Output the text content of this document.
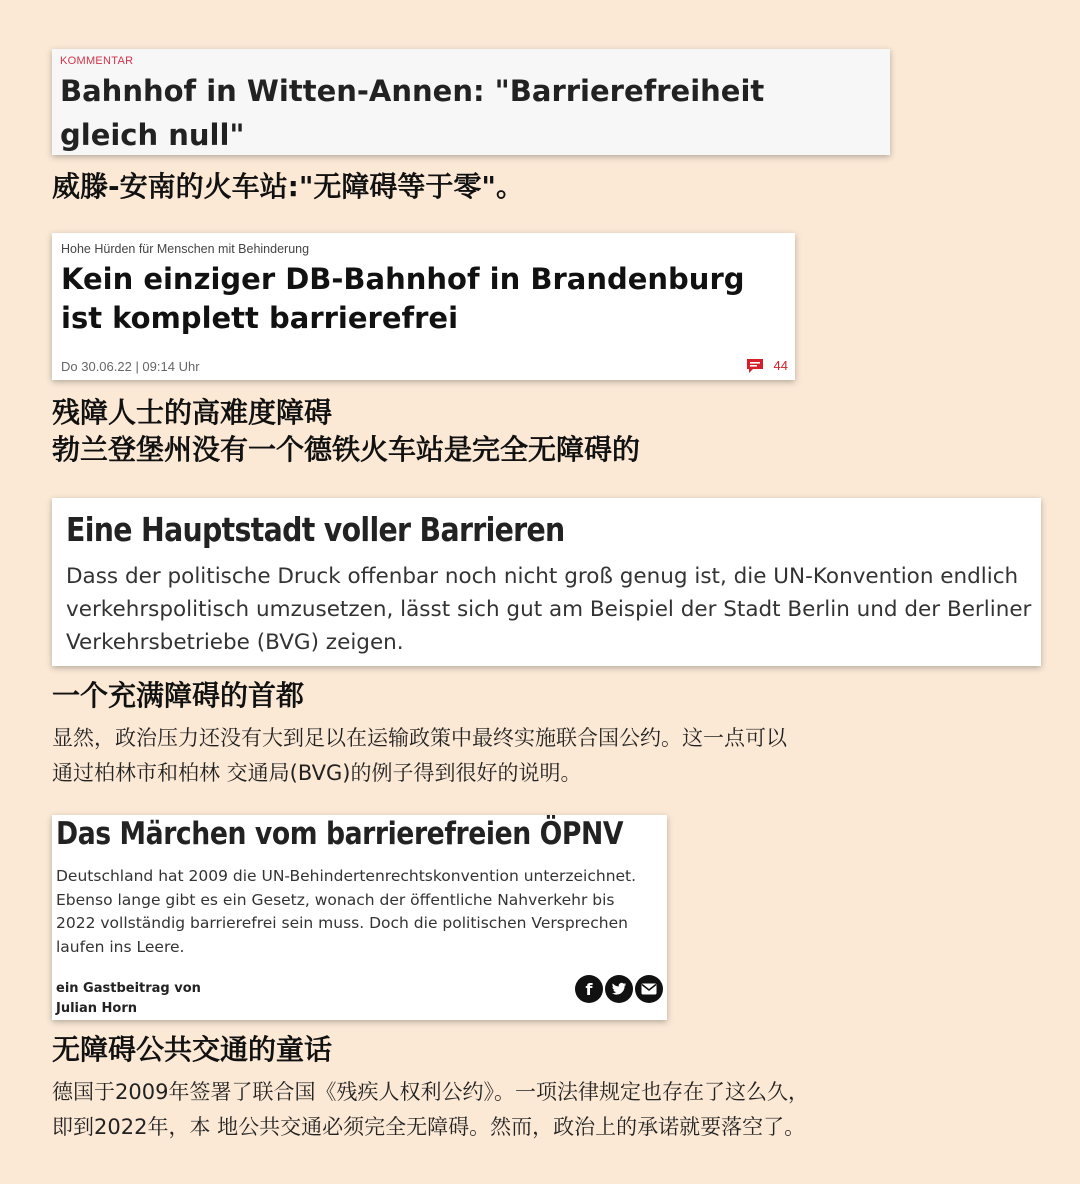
KOMMENTAR
Bahnhof in Witten-Annen: "Barrierefreiheit gleich null"

威滕-安南的火车站:"无障碍等于零"。

Hohe Hürden für Menschen mit Behinderung
Kein einziger DB-Bahnhof in Brandenburg ist komplett barrierefrei
Do 30.06.22 | 09:14 Uhr	44

残障人士的高难度障碍

勃兰登堡州没有一个德铁火车站是完全无障碍的

Eine Hauptstadt voller Barrieren
Dass der politische Druck offenbar noch nicht groß genug ist, die UN-Konvention endlich verkehrspolitisch umzusetzen, lässt sich gut am Beispiel der Stadt Berlin und der Berliner Verkehrsbetriebe (BVG) zeigen.

一个充满障碍的首都

显然，政治压力还没有大到足以在运输政策中最终实施联合国公约。这一点可以

通过柏林市和柏林 交通局(BVG)的例子得到很好的说明。

Das Märchen vom barrierefreien ÖPNV
Deutschland hat 2009 die UN-Behindertenrechtskonvention unterzeichnet. Ebenso lange gibt es ein Gesetz, wonach der öffentliche Nahverkehr bis 2022 vollständig barrierefrei sein muss. Doch die politischen Versprechen laufen ins Leere.
ein Gastbeitrag von
Julian Horn
f

无障碍公共交通的童话

德国于2009年签署了联合国《残疾人权利公约》。一项法律规定也存在了这么久，

即到2022年，本 地公共交通必须完全无障碍。然而，政治上的承诺就要落空了。
